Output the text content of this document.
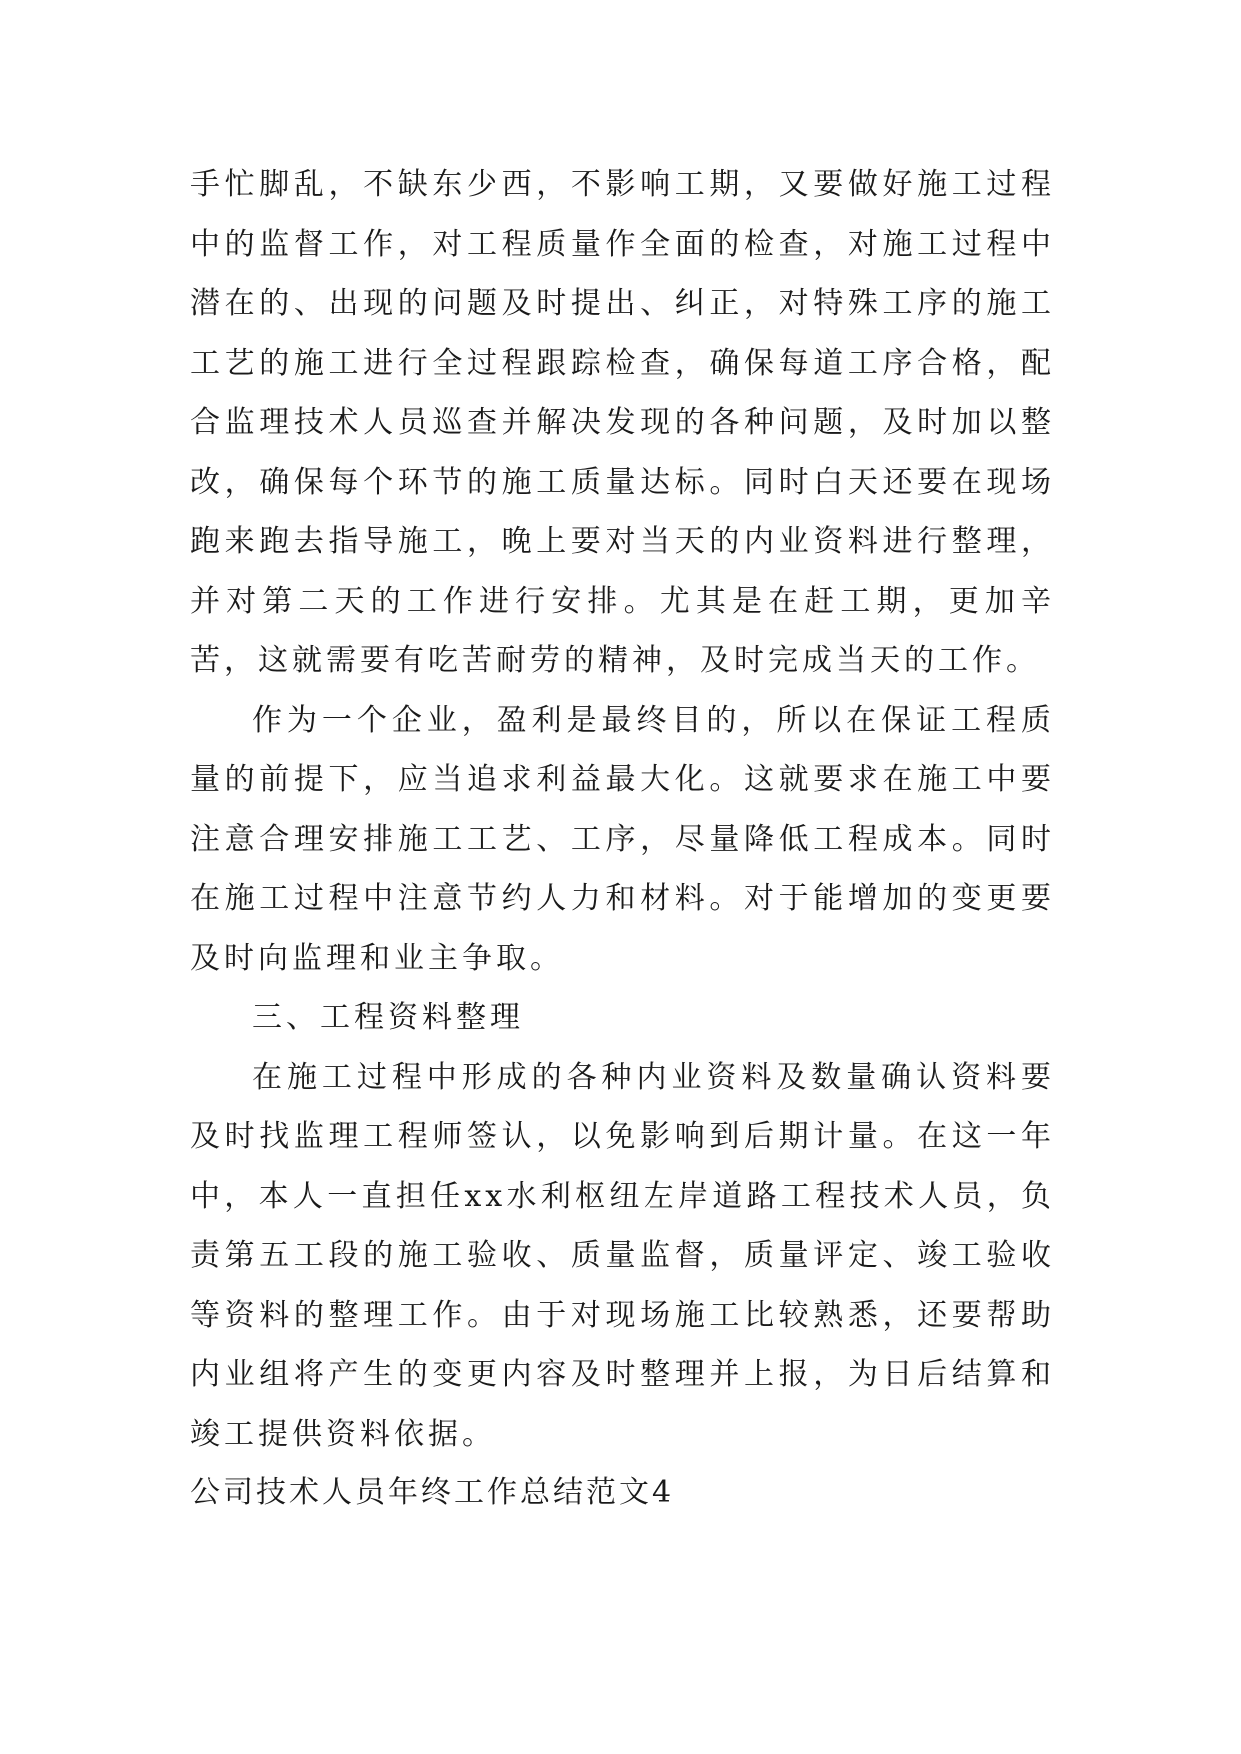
手忙脚乱，不缺东少西，不影响工期，又要做好施工过程中的监督工作，对工程质量作全面的检查，对施工过程中潜在的、出现的问题及时提出、纠正，对特殊工序的施工工艺的施工进行全过程跟踪检查，确保每道工序合格，配合监理技术人员巡查并解决发现的各种问题，及时加以整改，确保每个环节的施工质量达标。同时白天还要在现场跑来跑去指导施工，晚上要对当天的内业资料进行整理，并对第二天的工作进行安排。尤其是在赶工期，更加辛苦，这就需要有吃苦耐劳的精神，及时完成当天的工作。

作为一个企业，盈利是最终目的，所以在保证工程质量的前提下，应当追求利益最大化。这就要求在施工中要注意合理安排施工工艺、工序，尽量降低工程成本。同时在施工过程中注意节约人力和材料。对于能增加的变更要及时向监理和业主争取。

三、工程资料整理

在施工过程中形成的各种内业资料及数量确认资料要及时找监理工程师签认，以免影响到后期计量。在这一年中，本人一直担任xx水利枢纽左岸道路工程技术人员，负责第五工段的施工验收、质量监督，质量评定、竣工验收等资料的整理工作。由于对现场施工比较熟悉，还要帮助内业组将产生的变更内容及时整理并上报，为日后结算和竣工提供资料依据。

公司技术人员年终工作总结范文4
